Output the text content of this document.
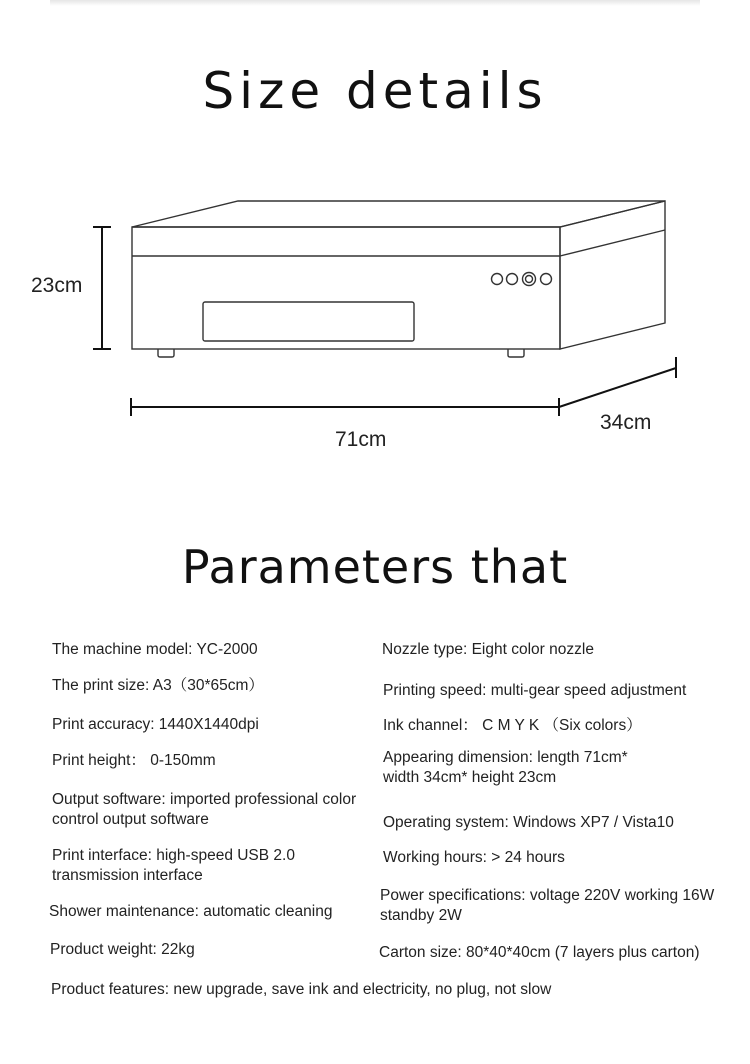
Size details
23cm
71cm
34cm
Parameters that
The machine model: YC-2000
The print size: A3（30*65cm）
Print accuracy: 1440X1440dpi
Print height： 0-150mm
Output software: imported professional color
control output software
Print interface: high-speed USB 2.0
transmission interface
Shower maintenance: automatic cleaning
Product weight: 22kg
Nozzle type: Eight color nozzle
Printing speed: multi-gear speed adjustment
Ink channel： C M Y K （Six colors）
Appearing dimension: length 71cm*
width 34cm* height 23cm
Operating system: Windows XP7 / Vista10
Working hours: > 24 hours
Power specifications: voltage 220V working 16W
standby 2W
Carton size: 80*40*40cm (7 layers plus carton)
Product features: new upgrade, save ink and electricity, no plug, not slow
